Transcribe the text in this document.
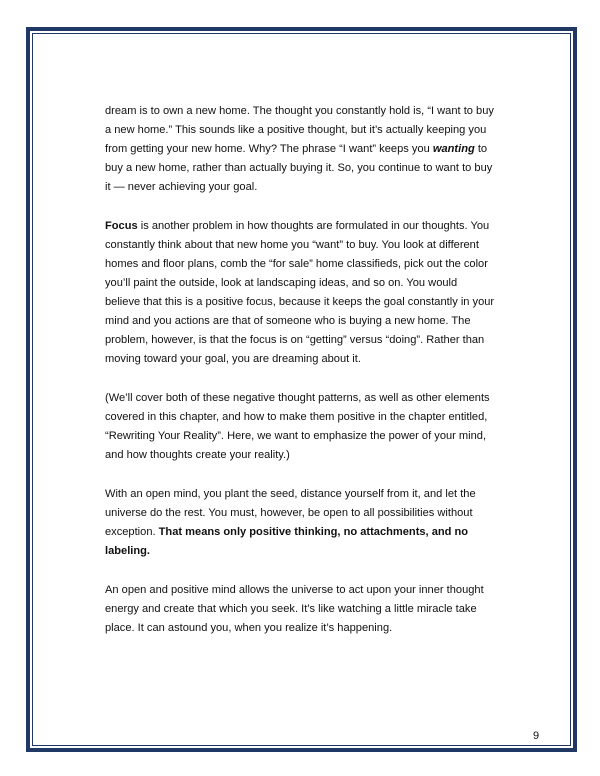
dream is to own a new home. The thought you constantly hold is, “I want to buy
a new home.” This sounds like a positive thought, but it’s actually keeping you
from getting your new home. Why? The phrase “I want” keeps you wanting to
buy a new home, rather than actually buying it. So, you continue to want to buy
it — never achieving your goal.

Focus is another problem in how thoughts are formulated in our thoughts. You
constantly think about that new home you “want” to buy. You look at different
homes and floor plans, comb the “for sale” home classifieds, pick out the color
you’ll paint the outside, look at landscaping ideas, and so on. You would
believe that this is a positive focus, because it keeps the goal constantly in your
mind and you actions are that of someone who is buying a new home. The
problem, however, is that the focus is on “getting” versus “doing”. Rather than
moving toward your goal, you are dreaming about it.

(We’ll cover both of these negative thought patterns, as well as other elements
covered in this chapter, and how to make them positive in the chapter entitled,
“Rewriting Your Reality”. Here, we want to emphasize the power of your mind,
and how thoughts create your reality.)

With an open mind, you plant the seed, distance yourself from it, and let the
universe do the rest. You must, however, be open to all possibilities without
exception. That means only positive thinking, no attachments, and no
labeling.

An open and positive mind allows the universe to act upon your inner thought
energy and create that which you seek. It’s like watching a little miracle take
place. It can astound you, when you realize it’s happening.

9
